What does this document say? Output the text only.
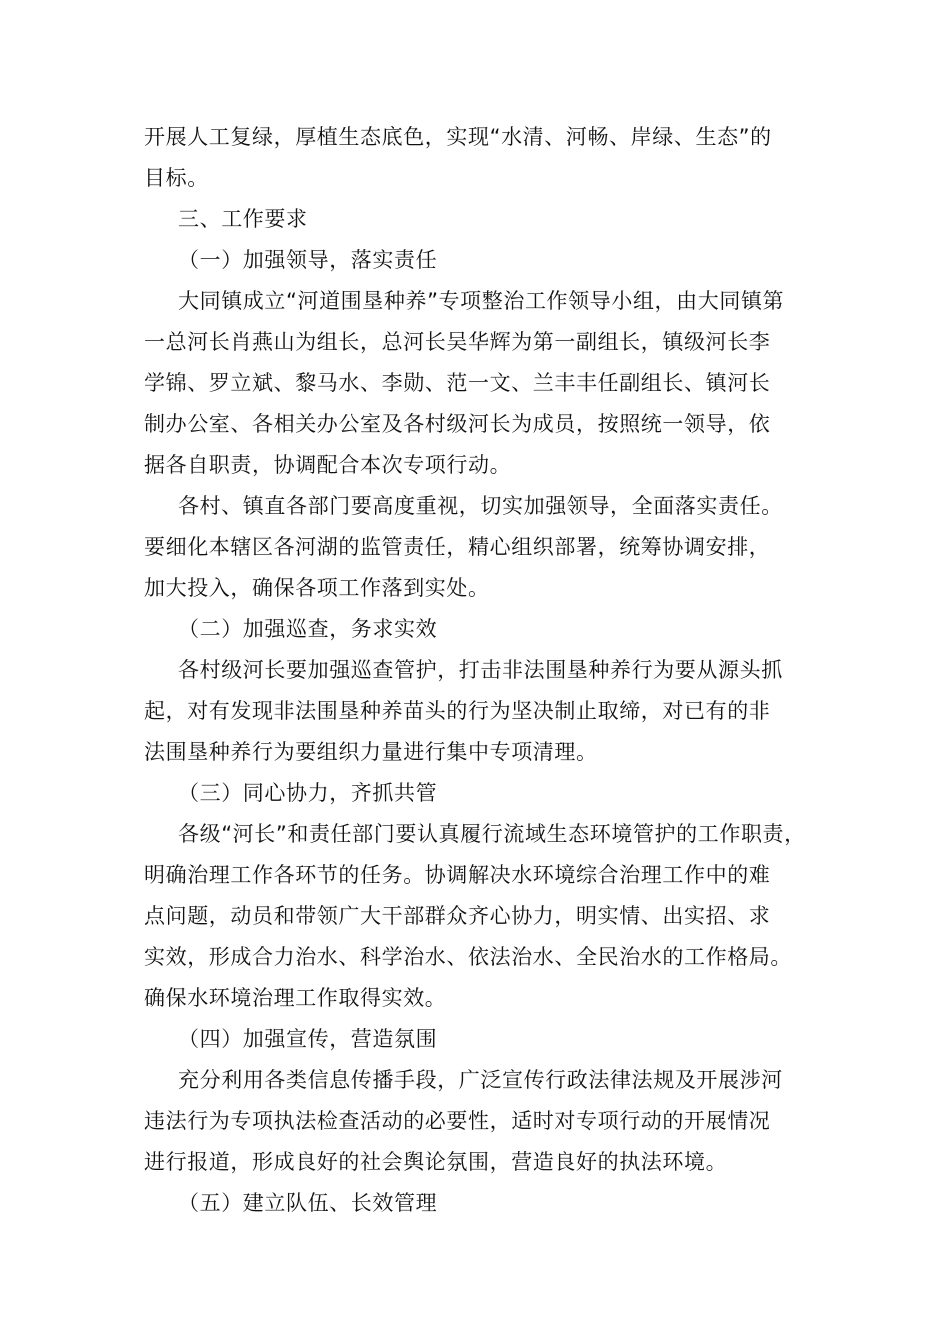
开展人工复绿，厚植生态底色，实现“水清、河畅、岸绿、生态”的
目标。
三、工作要求
（一）加强领导，落实责任
大同镇成立“河道围垦种养”专项整治工作领导小组，由大同镇第
一总河长肖燕山为组长，总河长吴华辉为第一副组长，镇级河长李
学锦、罗立斌、黎马水、李勋、范一文、兰丰丰任副组长、镇河长
制办公室、各相关办公室及各村级河长为成员，按照统一领导，依
据各自职责，协调配合本次专项行动。
各村、镇直各部门要高度重视，切实加强领导，全面落实责任。
要细化本辖区各河湖的监管责任，精心组织部署，统筹协调安排，
加大投入，确保各项工作落到实处。
（二）加强巡查，务求实效
各村级河长要加强巡查管护，打击非法围垦种养行为要从源头抓
起，对有发现非法围垦种养苗头的行为坚决制止取缔，对已有的非
法围垦种养行为要组织力量进行集中专项清理。
（三）同心协力，齐抓共管
各级“河长”和责任部门要认真履行流域生态环境管护的工作职责，
明确治理工作各环节的任务。协调解决水环境综合治理工作中的难
点问题，动员和带领广大干部群众齐心协力，明实情、出实招、求
实效，形成合力治水、科学治水、依法治水、全民治水的工作格局。
确保水环境治理工作取得实效。
（四）加强宣传，营造氛围
充分利用各类信息传播手段，广泛宣传行政法律法规及开展涉河
违法行为专项执法检查活动的必要性，适时对专项行动的开展情况
进行报道，形成良好的社会舆论氛围，营造良好的执法环境。
（五）建立队伍、长效管理
